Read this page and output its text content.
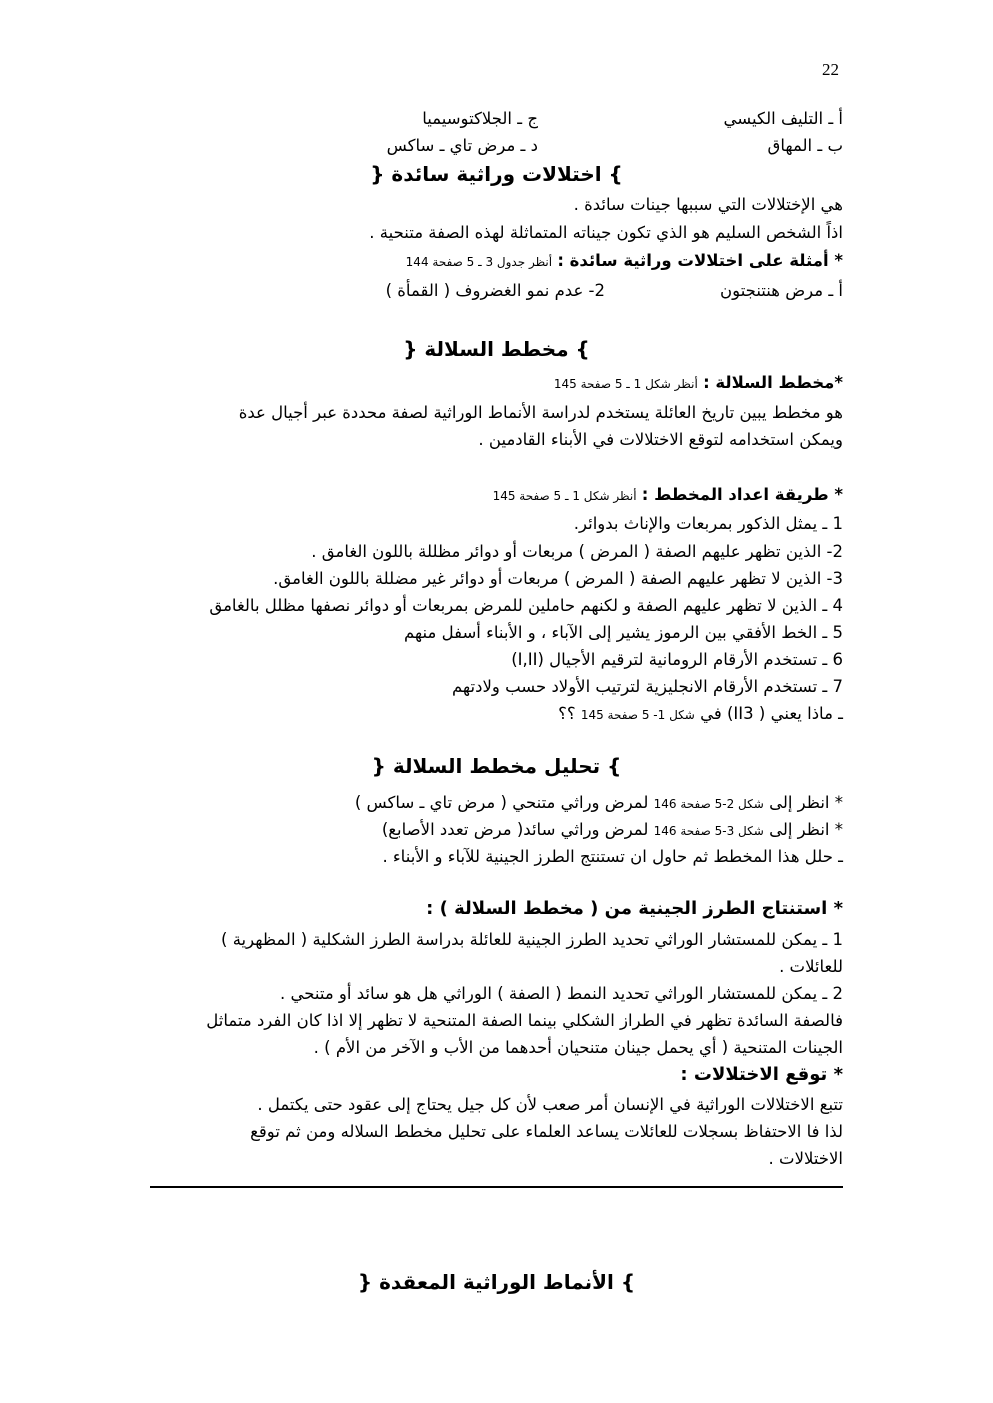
22
أ ـ التليف الكيسي
ج ـ الجلاكتوسيميا
ب ـ المهاق
د ـ مرض تاي ـ ساكس
} اختلالات وراثية سائدة {
هي الإختلالات التي سببها جينات سائدة .
اذاً الشخص السليم هو الذي تكون جيناته المتماثلة لهذه الصفة متنحية .
* أمثلة على اختلالات وراثية سائدة : أنظر جدول 3 ـ 5 صفحة 144
أ ـ مرض هنتنجتون
2- عدم نمو الغضروف ( القمأة )
} مخطط السلالة {
*مخطط السلالة : أنظر شكل 1 ـ 5 صفحة 145
هو مخطط يبين تاريخ العائلة يستخدم لدراسة الأنماط الوراثية لصفة محددة عبر أجيال عدة
ويمكن استخدامه لتوقع الاختلالات في الأبناء القادمين .
* طريقة اعداد المخطط : أنظر شكل 1 ـ 5 صفحة 145
1 ـ يمثل الذكور بمربعات والإناث بدوائر.
2- الذين تظهر عليهم الصفة ( المرض ) مربعات أو دوائر مظللة باللون الغامق .
3- الذين لا تظهر عليهم الصفة ( المرض ) مربعات أو دوائر غير مضللة باللون الغامق.
4 ـ الذين لا تظهر عليهم الصفة و لكنهم حاملين للمرض بمربعات أو دوائر نصفها مظلل بالغامق
5 ـ الخط الأفقي بين الرموز يشير إلى الآباء ، و الأبناء أسفل منهم
6 ـ تستخدم الأرقام الرومانية لترقيم الأجيال (I,II)
7 ـ تستخدم الأرقام الانجليزية لترتيب الأولاد حسب ولادتهم
ـ ماذا يعني ( II3) في شكل 1- 5 صفحة 145 ؟؟
} تحليل مخطط السلالة {
* انظر إلى شكل 2-5 صفحة 146 لمرض وراثي متنحي ( مرض تاي ـ ساكس )
* انظر إلى شكل 3-5 صفحة 146 لمرض وراثي سائد( مرض تعدد الأصابع)
ـ حلل هذا المخطط ثم حاول ان تستنتج الطرز الجينية للآباء و الأبناء .
* استنتاج الطرز الجينية من ( مخطط السلالة ) :
1 ـ يمكن للمستشار الوراثي تحديد الطرز الجينية للعائلة بدراسة الطرز الشكلية ( المظهرية )
للعائلات .
2 ـ يمكن للمستشار الوراثي تحديد النمط ( الصفة ) الوراثي هل هو سائد أو متنحي .
فالصفة السائدة تظهر في الطراز الشكلي بينما الصفة المتنحية لا تظهر إلا اذا كان الفرد متماثل
الجينات المتنحية ( أي يحمل جينان متنحيان أحدهما من الأب و الآخر من الأم ) .
* توقع الاختلالات :
تتبع الاختلالات الوراثية في الإنسان أمر صعب لأن كل جيل يحتاج إلى عقود حتى يكتمل .
لذا فا الاحتفاظ بسجلات للعائلات يساعد العلماء على تحليل مخطط السلاله ومن ثم توقع
الاختلالات .
} الأنماط الوراثية المعقدة {
